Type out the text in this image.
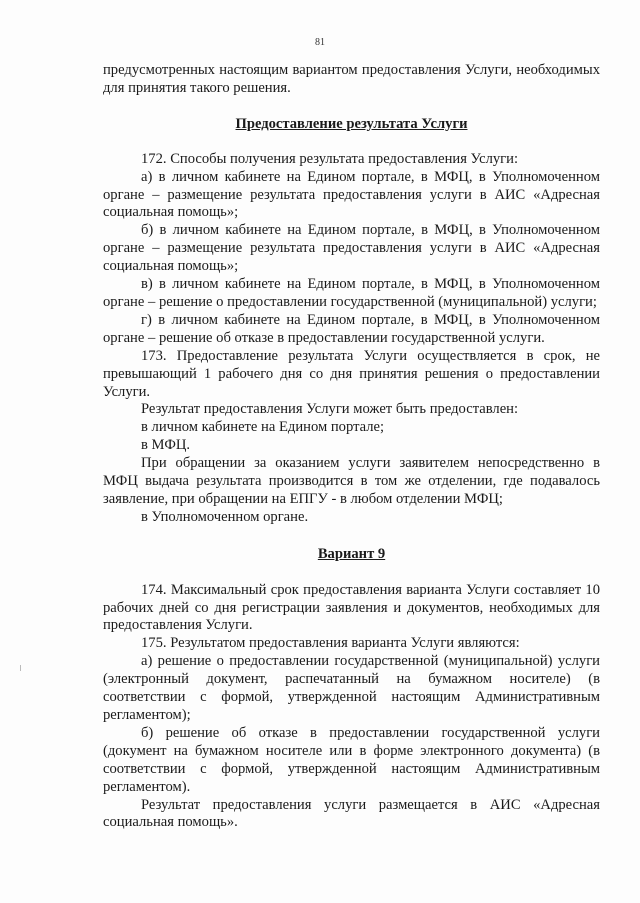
81

предусмотренных настоящим вариантом предоставления Услуги, необходимых для принятия такого решения.

Предоставление результата Услуги

172. Способы получения результата предоставления Услуги:

а) в личном кабинете на Едином портале, в МФЦ, в Уполномоченном органе – размещение результата предоставления услуги в АИС «Адресная социальная помощь»;

б) в личном кабинете на Едином портале, в МФЦ, в Уполномоченном органе – размещение результата предоставления услуги в АИС «Адресная социальная помощь»;

в) в личном кабинете на Едином портале, в МФЦ, в Уполномоченном органе – решение о предоставлении государственной (муниципальной) услуги;

г) в личном кабинете на Едином портале, в МФЦ, в Уполномоченном органе – решение об отказе в предоставлении государственной услуги.

173. Предоставление результата Услуги осуществляется в срок, не превышающий 1 рабочего дня со дня принятия решения о предоставлении Услуги.

Результат предоставления Услуги может быть предоставлен:

в личном кабинете на Едином портале;

в МФЦ.

При обращении за оказанием услуги заявителем непосредственно в МФЦ выдача результата производится в том же отделении, где подавалось заявление, при обращении на ЕПГУ - в любом отделении МФЦ;

в Уполномоченном органе.

Вариант 9

174. Максимальный срок предоставления варианта Услуги составляет 10 рабочих дней со дня регистрации заявления и документов, необходимых для предоставления Услуги.

175. Результатом предоставления варианта Услуги являются:

а) решение о предоставлении государственной (муниципальной) услуги (электронный документ, распечатанный на бумажном носителе) (в соответствии с формой, утвержденной настоящим Административным регламентом);

б) решение об отказе в предоставлении государственной услуги (документ на бумажном носителе или в форме электронного документа) (в соответствии с формой, утвержденной настоящим Административным регламентом).

Результат предоставления услуги размещается в АИС «Адресная социальная помощь».
